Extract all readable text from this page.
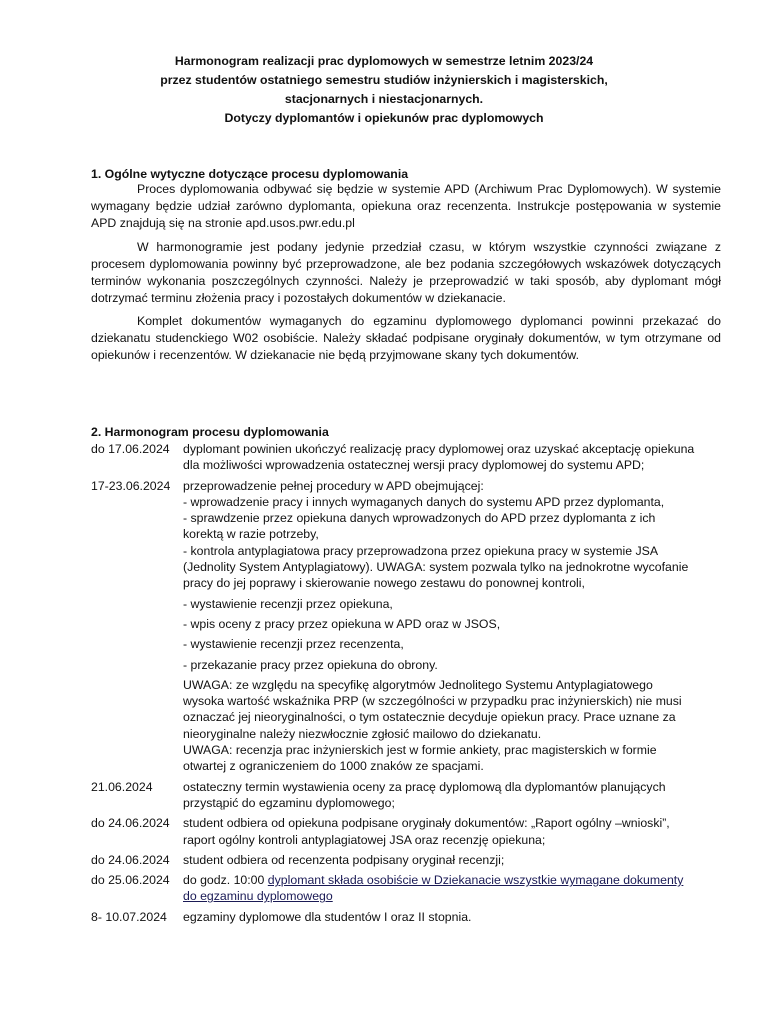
Harmonogram realizacji prac dyplomowych w semestrze letnim 2023/24
przez studentów ostatniego semestru studiów inżynierskich i magisterskich,
stacjonarnych i niestacjonarnych.
Dotyczy dyplomantów i opiekunów prac dyplomowych
1. Ogólne wytyczne dotyczące procesu dyplomowania
Proces dyplomowania odbywać się będzie w systemie APD (Archiwum Prac Dyplomowych). W systemie wymagany będzie udział zarówno dyplomanta, opiekuna oraz recenzenta. Instrukcje postępowania w systemie APD znajdują się na stronie apd.usos.pwr.edu.pl
W harmonogramie jest podany jedynie przedział czasu, w którym wszystkie czynności związane z procesem dyplomowania powinny być przeprowadzone, ale bez podania szczegółowych wskazówek dotyczących terminów wykonania poszczególnych czynności. Należy je przeprowadzić w taki sposób, aby dyplomant mógł dotrzymać terminu złożenia pracy i pozostałych dokumentów w dziekanacie.
Komplet dokumentów wymaganych do egzaminu dyplomowego dyplomanci powinni przekazać do dziekanatu studenckiego W02 osobiście. Należy składać podpisane oryginały dokumentów, w tym otrzymane od opiekunów i recenzentów. W dziekanacie nie będą przyjmowane skany tych dokumentów.
2. Harmonogram procesu dyplomowania
do 17.06.2024	dyplomant powinien ukończyć realizację pracy dyplomowej oraz uzyskać akceptację opiekuna
dla możliwości wprowadzenia ostatecznej wersji pracy dyplomowej do systemu APD;
17-23.06.2024	przeprowadzenie pełnej procedury w APD obejmującej:
- wprowadzenie pracy i innych wymaganych danych do systemu APD przez dyplomanta,
- sprawdzenie przez opiekuna danych wprowadzonych do APD przez dyplomanta z ich
korektą w razie potrzeby,
- kontrola antyplagiatowa pracy przeprowadzona przez opiekuna pracy w systemie JSA
(Jednolity System Antyplagiatowy). UWAGA: system pozwala tylko na jednokrotne wycofanie
pracy do jej poprawy i skierowanie nowego zestawu do ponownej kontroli,
- wystawienie recenzji przez opiekuna,
- wpis oceny z pracy przez opiekuna w APD oraz w JSOS,
- wystawienie recenzji przez recenzenta,
- przekazanie pracy przez opiekuna do obrony.
UWAGA: ze względu na specyfikę algorytmów Jednolitego Systemu Antyplagiatowego
wysoka wartość wskaźnika PRP (w szczególności w przypadku prac inżynierskich) nie musi
oznaczać jej nieoryginalności, o tym ostatecznie decyduje opiekun pracy. Prace uznane za
nieoryginalne należy niezwłocznie zgłosić mailowo do dziekanatu.
UWAGA: recenzja prac inżynierskich jest w formie ankiety, prac magisterskich w formie
otwartej z ograniczeniem do 1000 znaków ze spacjami.
21.06.2024	ostateczny termin wystawienia oceny za pracę dyplomową dla dyplomantów planujących
przystąpić do egzaminu dyplomowego;
do 24.06.2024	student odbiera od opiekuna podpisane oryginały dokumentów: „Raport ogólny –wnioski”,
raport ogólny kontroli antyplagiatowej JSA oraz recenzję opiekuna;
do 24.06.2024	student odbiera od recenzenta podpisany oryginał recenzji;
do 25.06.2024	do godz. 10:00 dyplomant składa osobiście w Dziekanacie wszystkie wymagane dokumenty
do egzaminu dyplomowego
8- 10.07.2024	egzaminy dyplomowe dla studentów I oraz II stopnia.
